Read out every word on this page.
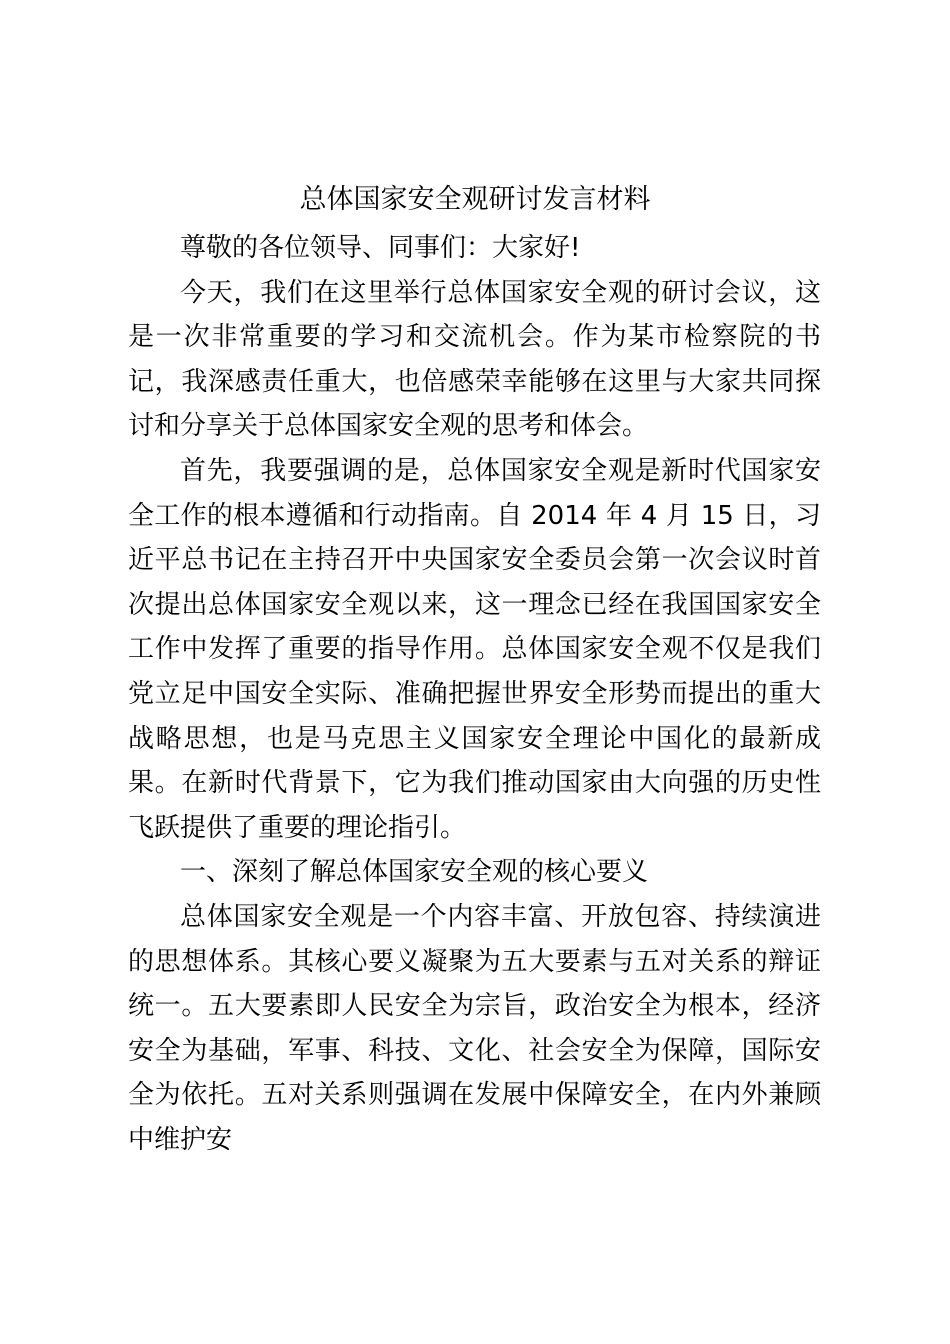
总体国家安全观研讨发言材料

尊敬的各位领导、同事们：大家好!

今天，我们在这里举行总体国家安全观的研讨会议，这是一次非常重要的学习和交流机会。作为某市检察院的书记，我深感责任重大，也倍感荣幸能够在这里与大家共同探讨和分享关于总体国家安全观的思考和体会。

首先，我要强调的是，总体国家安全观是新时代国家安全工作的根本遵循和行动指南。自 2014 年 4 月 15 日，习近平总书记在主持召开中央国家安全委员会第一次会议时首次提出总体国家安全观以来，这一理念已经在我国国家安全工作中发挥了重要的指导作用。总体国家安全观不仅是我们党立足中国安全实际、准确把握世界安全形势而提出的重大战略思想，也是马克思主义国家安全理论中国化的最新成果。在新时代背景下，它为我们推动国家由大向强的历史性飞跃提供了重要的理论指引。

一、深刻了解总体国家安全观的核心要义

总体国家安全观是一个内容丰富、开放包容、持续演进的思想体系。其核心要义凝聚为五大要素与五对关系的辩证统一。五大要素即人民安全为宗旨，政治安全为根本，经济安全为基础，军事、科技、文化、社会安全为保障，国际安全为依托。五对关系则强调在发展中保障安全，在内外兼顾中维护安
